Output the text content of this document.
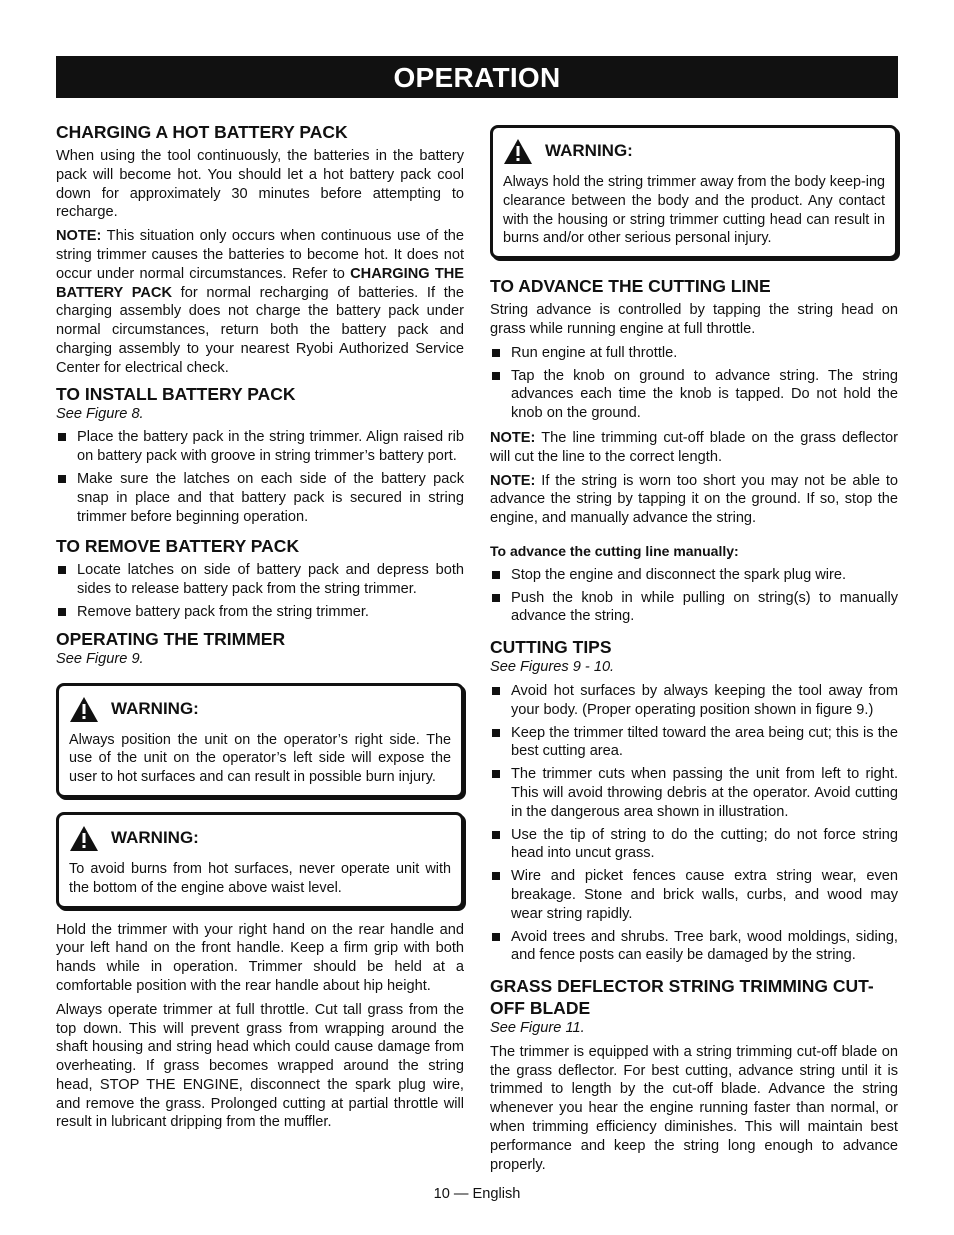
OPERATION
CHARGING A HOT BATTERY PACK

When using the tool continuously, the batteries in the battery pack will become hot. You should let a hot battery pack cool down for approximately 30 minutes before attempting to recharge.

NOTE: This situation only occurs when continuous use of the string trimmer causes the batteries to become hot. It does not occur under normal circumstances. Refer to CHARGING THE BATTERY PACK for normal recharging of batteries. If the charging assembly does not charge the battery pack under normal circumstances, return both the battery pack and charging assembly to your nearest Ryobi Authorized Service Center for electrical check.

TO INSTALL BATTERY PACK
See Figure 8.
Place the battery pack in the string trimmer. Align raised rib on battery pack with groove in string trimmer’s battery port.
Make sure the latches on each side of the battery pack snap in place and that battery pack is secured in string trimmer before beginning operation.
TO REMOVE BATTERY PACK
Locate latches on side of battery pack and depress both sides to release battery pack from the string trimmer.
Remove battery pack from the string trimmer.
OPERATING THE TRIMMER
See Figure 9.
WARNING:

Always position the unit on the operator’s right side. The use of the unit on the operator’s left side will expose the user to hot surfaces and can result in possible burn injury.

WARNING:

To avoid burns from hot surfaces, never operate unit with the bottom of the engine above waist level.

Hold the trimmer with your right hand on the rear handle and your left hand on the front handle. Keep a firm grip with both hands while in operation. Trimmer should be held at a comfortable position with the rear handle about hip height.

Always operate trimmer at full throttle. Cut tall grass from the top down. This will prevent grass from wrapping around the shaft housing and string head which could cause damage from overheating. If grass becomes wrapped around the string head, STOP THE ENGINE, disconnect the spark plug wire, and remove the grass. Prolonged cutting at partial throttle will result in lubricant dripping from the muffler.

WARNING:

Always hold the string trimmer away from the body keep-ing clearance between the body and the product. Any contact with the housing or string trimmer cutting head can result in burns and/or other serious personal injury.

TO ADVANCE THE CUTTING LINE

String advance is controlled by tapping the string head on grass while running engine at full throttle.

Run engine at full throttle.
Tap the knob on ground to advance string. The string advances each time the knob is tapped. Do not hold the knob on the ground.

NOTE: The line trimming cut-off blade on the grass deflector will cut the line to the correct length.

NOTE: If the string is worn too short you may not be able to advance the string by tapping it on the ground. If so, stop the engine, and manually advance the string.

To advance the cutting line manually:
Stop the engine and disconnect the spark plug wire.
Push the knob in while pulling on string(s) to manually advance the string.
CUTTING TIPS
See Figures 9 - 10.
Avoid hot surfaces by always keeping the tool away from your body. (Proper operating position shown in figure 9.)
Keep the trimmer tilted toward the area being cut; this is the best cutting area.
The trimmer cuts when passing the unit from left to right. This will avoid throwing debris at the operator. Avoid cutting in the dangerous area shown in illustration.
Use the tip of string to do the cutting; do not force string head into uncut grass.
Wire and picket fences cause extra string wear, even breakage. Stone and brick walls, curbs, and wood may wear string rapidly.
Avoid trees and shrubs. Tree bark, wood moldings, siding, and fence posts can easily be damaged by the string.
GRASS DEFLECTOR STRING TRIMMING CUT-OFF BLADE
See Figure 11.

The trimmer is equipped with a string trimming cut-off blade on the grass deflector. For best cutting, advance string until it is trimmed to length by the cut-off blade. Advance the string whenever you hear the engine running faster than normal, or when trimming efficiency diminishes. This will maintain best performance and keep the string long enough to advance properly.

10 — English
